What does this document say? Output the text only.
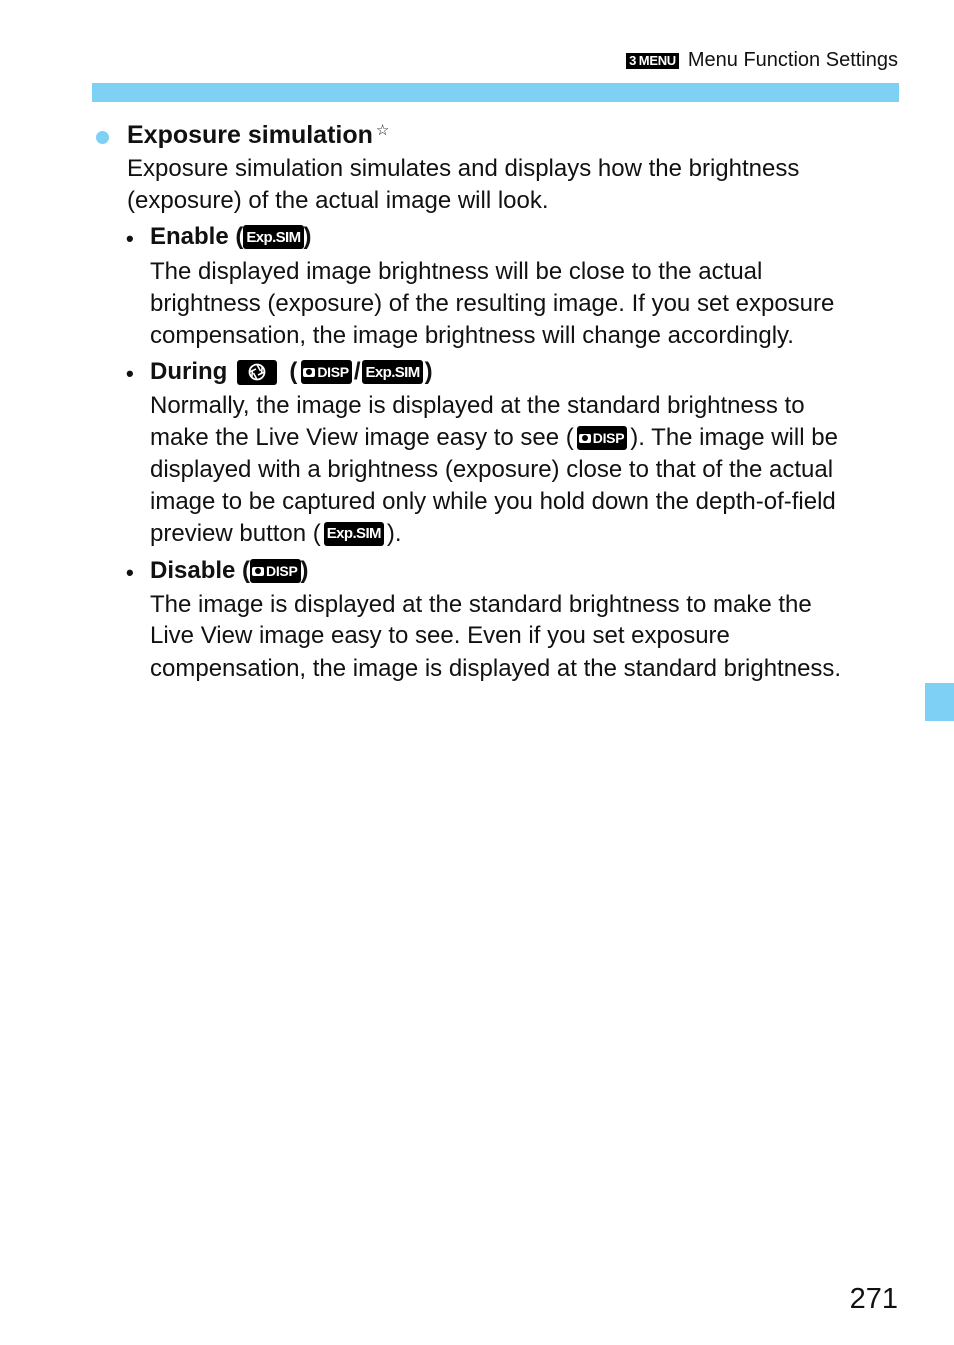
3 MENU Menu Function Settings
Exposure simulation ☆
Exposure simulation simulates and displays how the brightness
(exposure) of the actual image will look.
• Enable ( Exp.SIM )
The displayed image brightness will be close to the actual
brightness (exposure) of the resulting image. If you set exposure
compensation, the image brightness will change accordingly.
• During	( DISP / Exp.SIM )
Normally, the image is displayed at the standard brightness to
make the Live View image easy to see ( DISP ). The image will be
displayed with a brightness (exposure) close to that of the actual
image to be captured only while you hold down the depth-of-field
preview button ( Exp.SIM ).
• Disable ( DISP )
The image is displayed at the standard brightness to make the
Live View image easy to see. Even if you set exposure
compensation, the image is displayed at the standard brightness.
271
